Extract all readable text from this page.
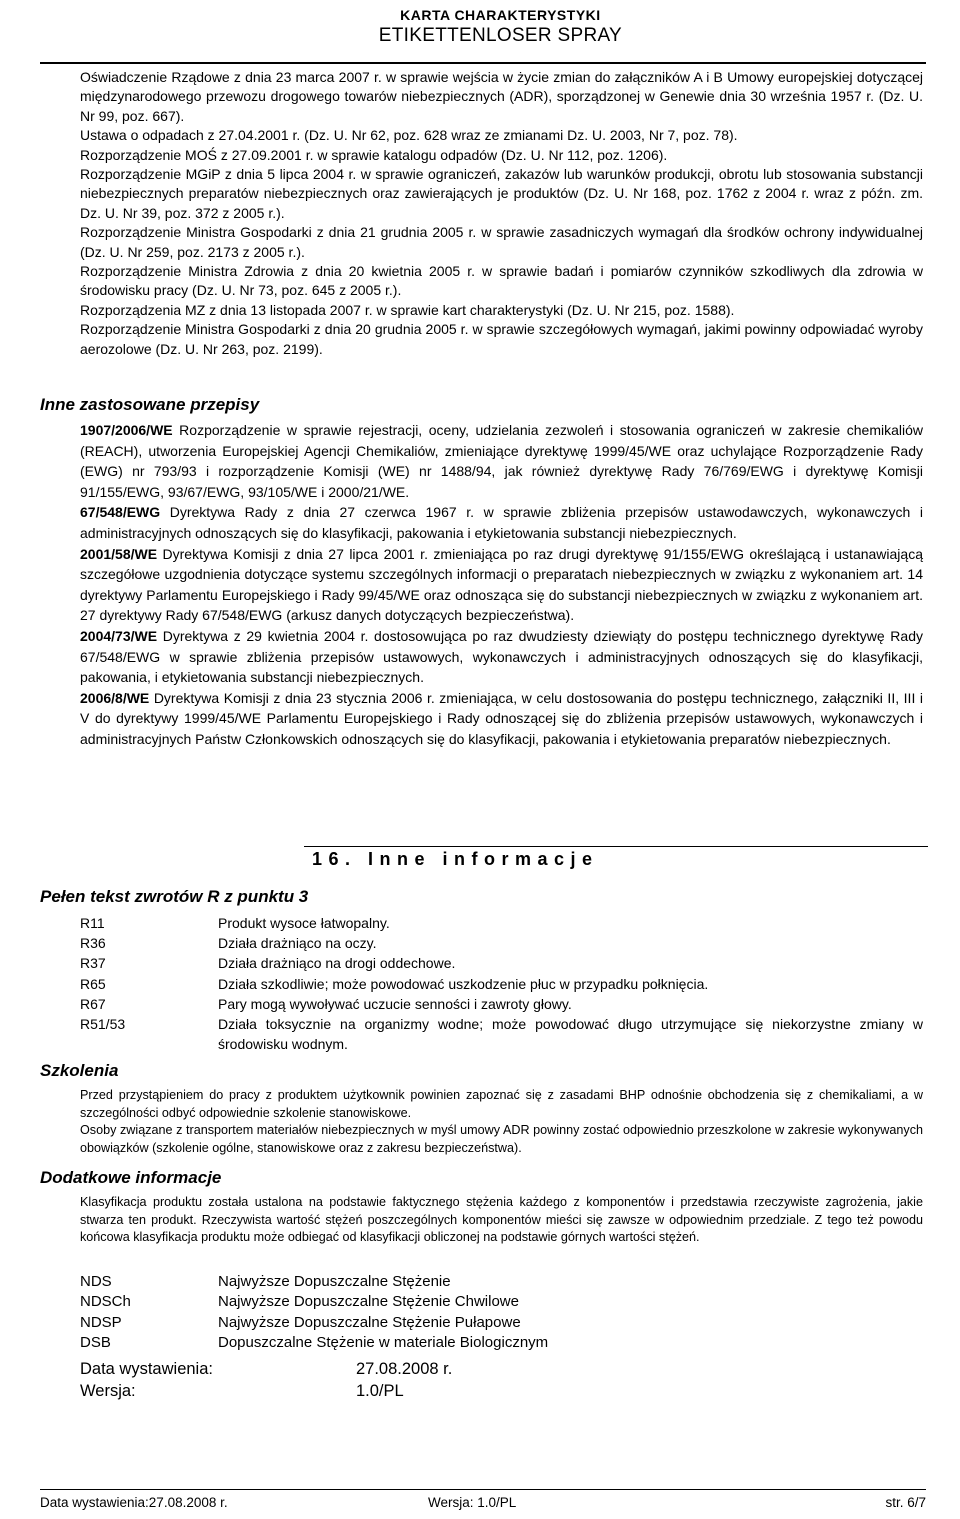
KARTA CHARAKTERYSTYKI
ETIKETTENLOSER SPRAY

Oświadczenie Rządowe z dnia 23 marca 2007 r. w sprawie wejścia w życie zmian do załączników A i B Umowy europejskiej dotyczącej międzynarodowego przewozu drogowego towarów niebezpiecznych (ADR), sporządzonej w Genewie dnia 30 września 1957 r. (Dz. U. Nr 99, poz. 667).

Ustawa o odpadach z 27.04.2001 r. (Dz. U. Nr 62, poz. 628 wraz ze zmianami Dz. U. 2003, Nr 7, poz. 78).

Rozporządzenie MOŚ z 27.09.2001 r. w sprawie katalogu odpadów (Dz. U. Nr 112, poz. 1206).

Rozporządzenie MGiP z dnia 5 lipca 2004 r. w sprawie ograniczeń, zakazów lub warunków produkcji, obrotu lub stosowania substancji niebezpiecznych preparatów niebezpiecznych oraz zawierających je produktów (Dz. U. Nr 168, poz. 1762 z 2004 r. wraz z późn. zm. Dz. U. Nr 39, poz. 372 z 2005 r.).

Rozporządzenie Ministra Gospodarki z dnia 21 grudnia 2005 r. w sprawie zasadniczych wymagań dla środków ochrony indywidualnej (Dz. U. Nr 259, poz. 2173 z 2005 r.).

Rozporządzenie Ministra Zdrowia z dnia 20 kwietnia 2005 r. w sprawie badań i pomiarów czynników szkodliwych dla zdrowia w środowisku pracy (Dz. U. Nr 73, poz. 645 z 2005 r.).

Rozporządzenia MZ z dnia 13 listopada 2007 r. w sprawie kart charakterystyki (Dz. U. Nr 215, poz. 1588).

Rozporządzenie Ministra Gospodarki z dnia 20 grudnia 2005 r. w sprawie szczegółowych wymagań, jakimi powinny odpowiadać wyroby aerozolowe (Dz. U. Nr 263, poz. 2199).

Inne zastosowane przepisy

1907/2006/WE Rozporządzenie w sprawie rejestracji, oceny, udzielania zezwoleń i stosowania ograniczeń w zakresie chemikaliów (REACH), utworzenia Europejskiej Agencji Chemikaliów, zmieniające dyrektywę 1999/45/WE oraz uchylające Rozporządzenie Rady (EWG) nr 793/93 i rozporządzenie Komisji (WE) nr 1488/94, jak również dyrektywę Rady 76/769/EWG i dyrektywę Komisji 91/155/EWG, 93/67/EWG, 93/105/WE i 2000/21/WE.

67/548/EWG Dyrektywa Rady z dnia 27 czerwca 1967 r. w sprawie zbliżenia przepisów ustawodawczych, wykonawczych i administracyjnych odnoszących się do klasyfikacji, pakowania i etykietowania substancji niebezpiecznych.

2001/58/WE Dyrektywa Komisji z dnia 27 lipca 2001 r. zmieniająca po raz drugi dyrektywę 91/155/EWG określającą i ustanawiającą szczegółowe uzgodnienia dotyczące systemu szczególnych informacji o preparatach niebezpiecznych w związku z wykonaniem art. 14 dyrektywy Parlamentu Europejskiego i Rady 99/45/WE oraz odnosząca się do substancji niebezpiecznych w związku z wykonaniem art. 27 dyrektywy Rady 67/548/EWG (arkusz danych dotyczących bezpieczeństwa).

2004/73/WE Dyrektywa z 29 kwietnia 2004 r. dostosowująca po raz dwudziesty dziewiąty do postępu technicznego dyrektywę Rady 67/548/EWG w sprawie zbliżenia przepisów ustawowych, wykonawczych i administracyjnych odnoszących się do klasyfikacji, pakowania, i etykietowania substancji niebezpiecznych.

2006/8/WE Dyrektywa Komisji z dnia 23 stycznia 2006 r. zmieniająca, w celu dostosowania do postępu technicznego, załączniki II, III i V do dyrektywy 1999/45/WE Parlamentu Europejskiego i Rady odnoszącej się do zbliżenia przepisów ustawowych, wykonawczych i administracyjnych Państw Członkowskich odnoszących się do klasyfikacji, pakowania i etykietowania preparatów niebezpiecznych.

16. Inne informacje
Pełen tekst zwrotów R z punktu 3
R11	Produkt wysoce łatwopalny.
R36	Działa drażniąco na oczy.
R37	Działa drażniąco na drogi oddechowe.
R65	Działa szkodliwie; może powodować uszkodzenie płuc w przypadku połknięcia.
R67	Pary mogą wywoływać uczucie senności i zawroty głowy.
R51/53	Działa toksycznie na organizmy wodne; może powodować długo utrzymujące się niekorzystne zmiany w środowisku wodnym.
Szkolenia

Przed przystąpieniem do pracy z produktem użytkownik powinien zapoznać się z zasadami BHP odnośnie obchodzenia się z chemikaliami, a w szczególności odbyć odpowiednie szkolenie stanowiskowe.

Osoby związane z transportem materiałów niebezpiecznych w myśl umowy ADR powinny zostać odpowiednio przeszkolone w zakresie wykonywanych obowiązków (szkolenie ogólne, stanowiskowe oraz z zakresu bezpieczeństwa).

Dodatkowe informacje

Klasyfikacja produktu została ustalona na podstawie faktycznego stężenia każdego z komponentów i przedstawia rzeczywiste zagrożenia, jakie stwarza ten produkt. Rzeczywista wartość stężeń poszczególnych komponentów mieści się zawsze w odpowiednim przedziale. Z tego też powodu końcowa klasyfikacja produktu może odbiegać od klasyfikacji obliczonej na podstawie górnych wartości stężeń.

NDS	Najwyższe Dopuszczalne Stężenie
NDSCh	Najwyższe Dopuszczalne Stężenie Chwilowe
NDSP	Najwyższe Dopuszczalne Stężenie Pułapowe
DSB	Dopuszczalne Stężenie w materiale Biologicznym
Data wystawienia:	27.08.2008 r.
Wersja:	1.0/PL
Data wystawienia:27.08.2008 r.	Wersja: 1.0/PL	str. 6/7
